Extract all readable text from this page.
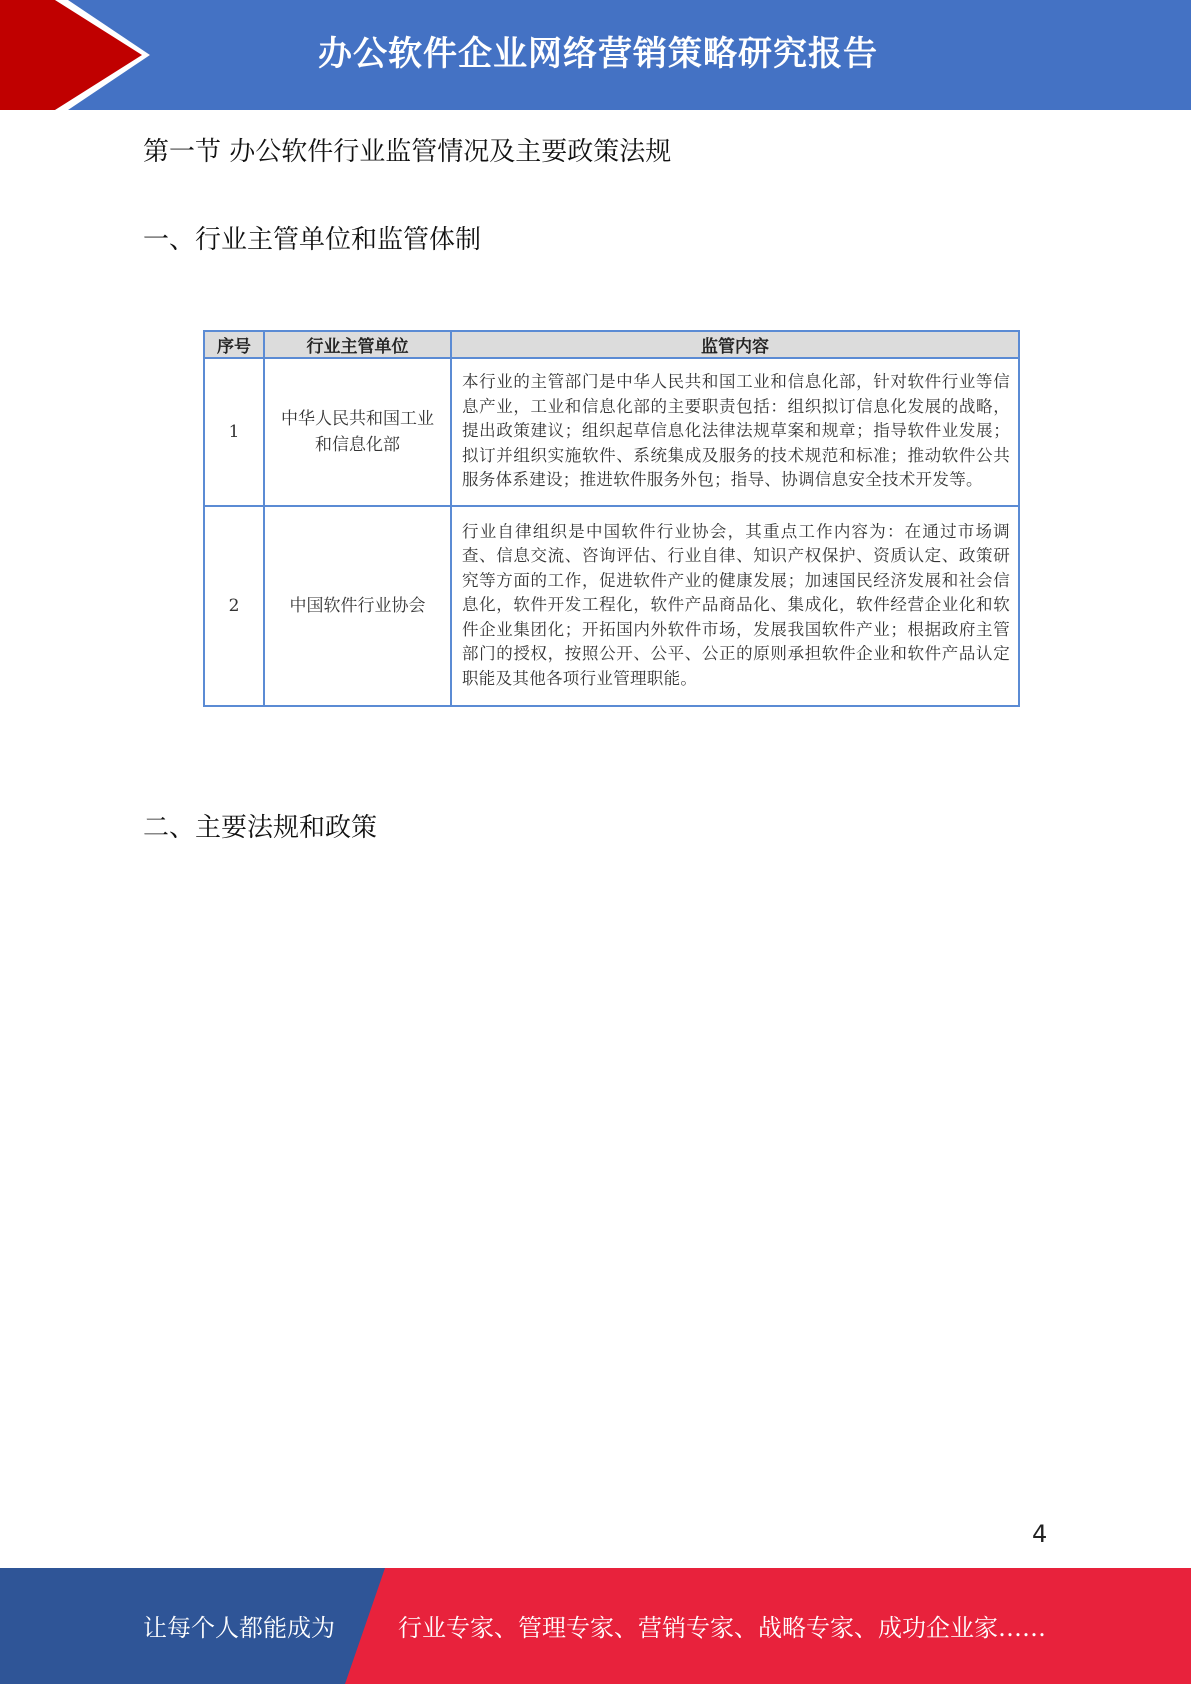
办公软件企业网络营销策略研究报告
第一节 办公软件行业监管情况及主要政策法规
一、行业主管单位和监管体制
序号	行业主管单位	监管内容
1	中华人民共和国工业和信息化部	本行业的主管部门是中华人民共和国工业和信息化部，针对软件行业等信息产业，工业和信息化部的主要职责包括：组织拟订信息化发展的战略，提出政策建议；组织起草信息化法律法规草案和规章；指导软件业发展；拟订并组织实施软件、系统集成及服务的技术规范和标准；推动软件公共服务体系建设；推进软件服务外包；指导、协调信息安全技术开发等。
2	中国软件行业协会	行业自律组织是中国软件行业协会，其重点工作内容为：在通过市场调查、信息交流、咨询评估、行业自律、知识产权保护、资质认定、政策研究等方面的工作，促进软件产业的健康发展；加速国民经济发展和社会信息化，软件开发工程化，软件产品商品化、集成化，软件经营企业化和软件企业集团化；开拓国内外软件市场，发展我国软件产业；根据政府主管部门的授权，按照公开、公平、公正的原则承担软件企业和软件产品认定职能及其他各项行业管理职能。
二、主要法规和政策
4
让每个人都能成为	行业专家、管理专家、营销专家、战略专家、成功企业家……
